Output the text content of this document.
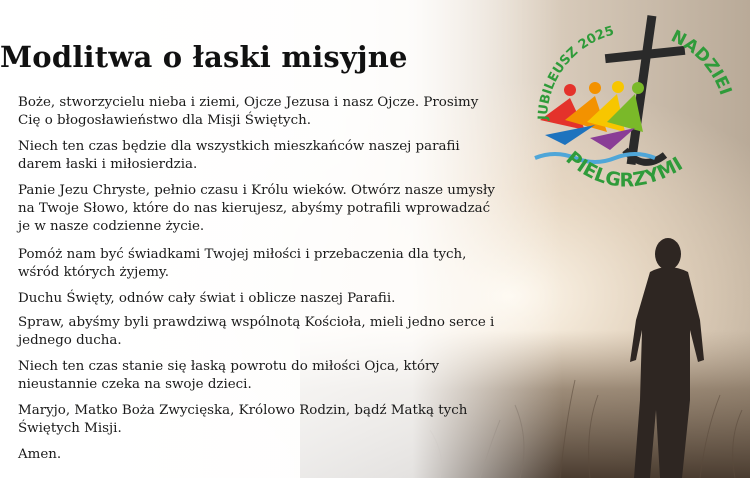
Modlitwa o łaski misyjne

Boże, stworzycielu nieba i ziemi, Ojcze Jezusa i nasz Ojcze. Prosimy Cię o błogosławieństwo dla Misji Świętych.

Niech ten czas będzie dla wszystkich mieszkańców naszej parafii darem łaski i miłosierdzia.

Panie Jezu Chryste, pełnio czasu i Królu wieków. Otwórz nasze umysły na Twoje Słowo, które do nas kierujesz, abyśmy potrafili wprowadzać je w nasze codzienne życie.

Pomóż nam być świadkami Twojej miłości i przebaczenia dla tych, wśród których żyjemy.

Duchu Święty, odnów cały świat i oblicze naszej Parafii.

Spraw, abyśmy byli prawdziwą wspólnotą Kościoła, mieli jedno serce i jednego ducha.

Niech ten czas stanie się łaską powrotu do miłości Ojca, który nieustannie czeka na swoje dzieci.

Maryjo, Matko Boża Zwycięska, Królowo Rodzin, bądź Matką tych Świętych Misji.

Amen.

JUBILEUSZ 2025	NADZIEI
PIELGRZYMI
